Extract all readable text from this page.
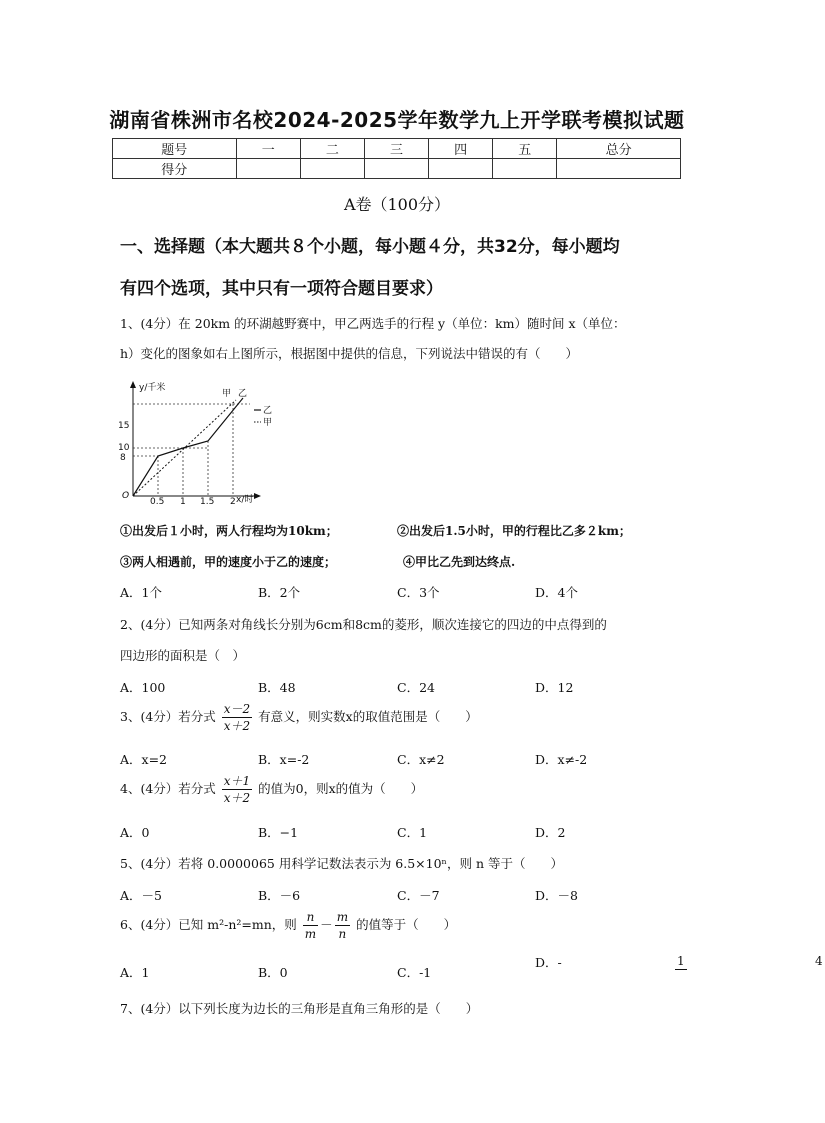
湖南省株洲市名校2024-2025学年数学九上开学联考模拟试题
题号	一	二	三	四	五	总分
得分						
A卷（100分）
一、选择题（本大题共８个小题，每小题４分，共32分，每小题均
有四个选项，其中只有一项符合题目要求）
1、(4分）在 20km 的环湖越野赛中，甲乙两选手的行程 y（单位：km）随时间 x（单位：
h）变化的图象如右上图所示，根据图中提供的信息，下列说法中错误的有（　　）
y/千米
x/时
O
8
10
15
0.5 1 1.5 2
甲 乙
乙
甲
①出发后１小时，两人行程均为10km；	②出发后1.5小时，甲的行程比乙多２km；
③两人相遇前，甲的速度小于乙的速度；	④甲比乙先到达终点.
A．1个	B．2个	C．3个	D．4个
2、(4分）已知两条对角线长分别为6cm和8cm的菱形，顺次连接它的四边的中点得到的
四边形的面积是（　）
A．100	B．48	C．24	D．12
3、(4分）若分式 $\frac{x-2}{x+2}$ 有意义，则实数x的取值范围是（　　）
A．x=2	B．x=-2	C．x≠2	D．x≠-2
4、(4分）若分式 $\frac{x+1}{x+2}$ 的值为0，则x的值为（　　）
A．0	B．−1	C．1	D．2
5、(4分）若将 0.0000065 用科学记数法表示为 6.5×10ⁿ，则 n 等于（　　）
A．－5	B．－6	C．－7	D．－8
6、(4分）已知 m²-n²=mn，则 $\frac{n}{m} - \frac{m}{n}$ 的值等于（　　）
A．1	B．0	C．-1
D．-	1	4
7、(4分）以下列长度为边长的三角形是直角三角形的是（　　）
